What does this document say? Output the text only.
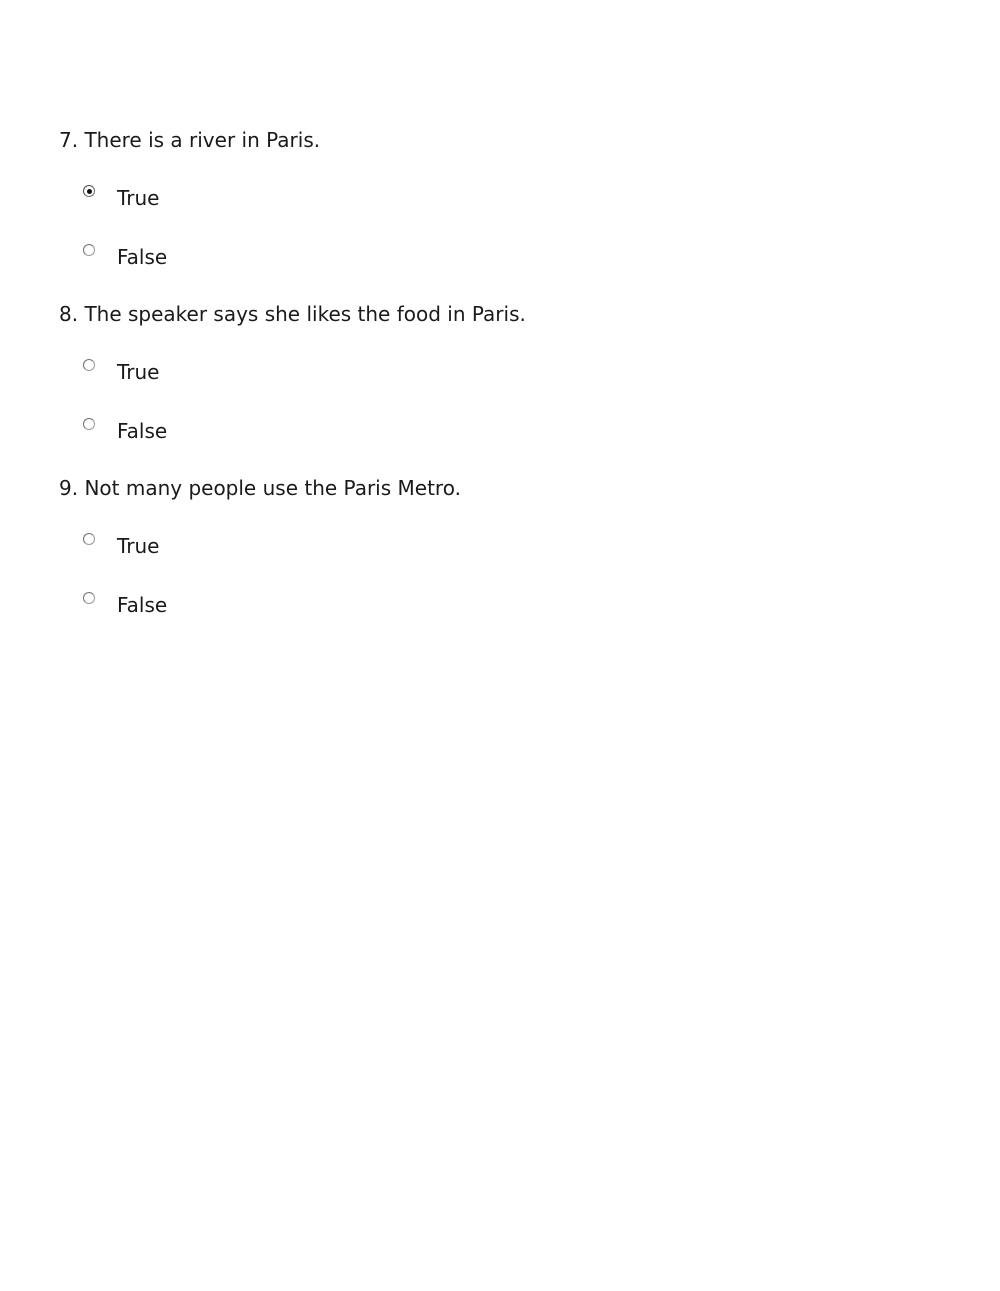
7. There is a river in Paris.

True
False

8. The speaker says she likes the food in Paris.

True
False

9. Not many people use the Paris Metro.

True
False
